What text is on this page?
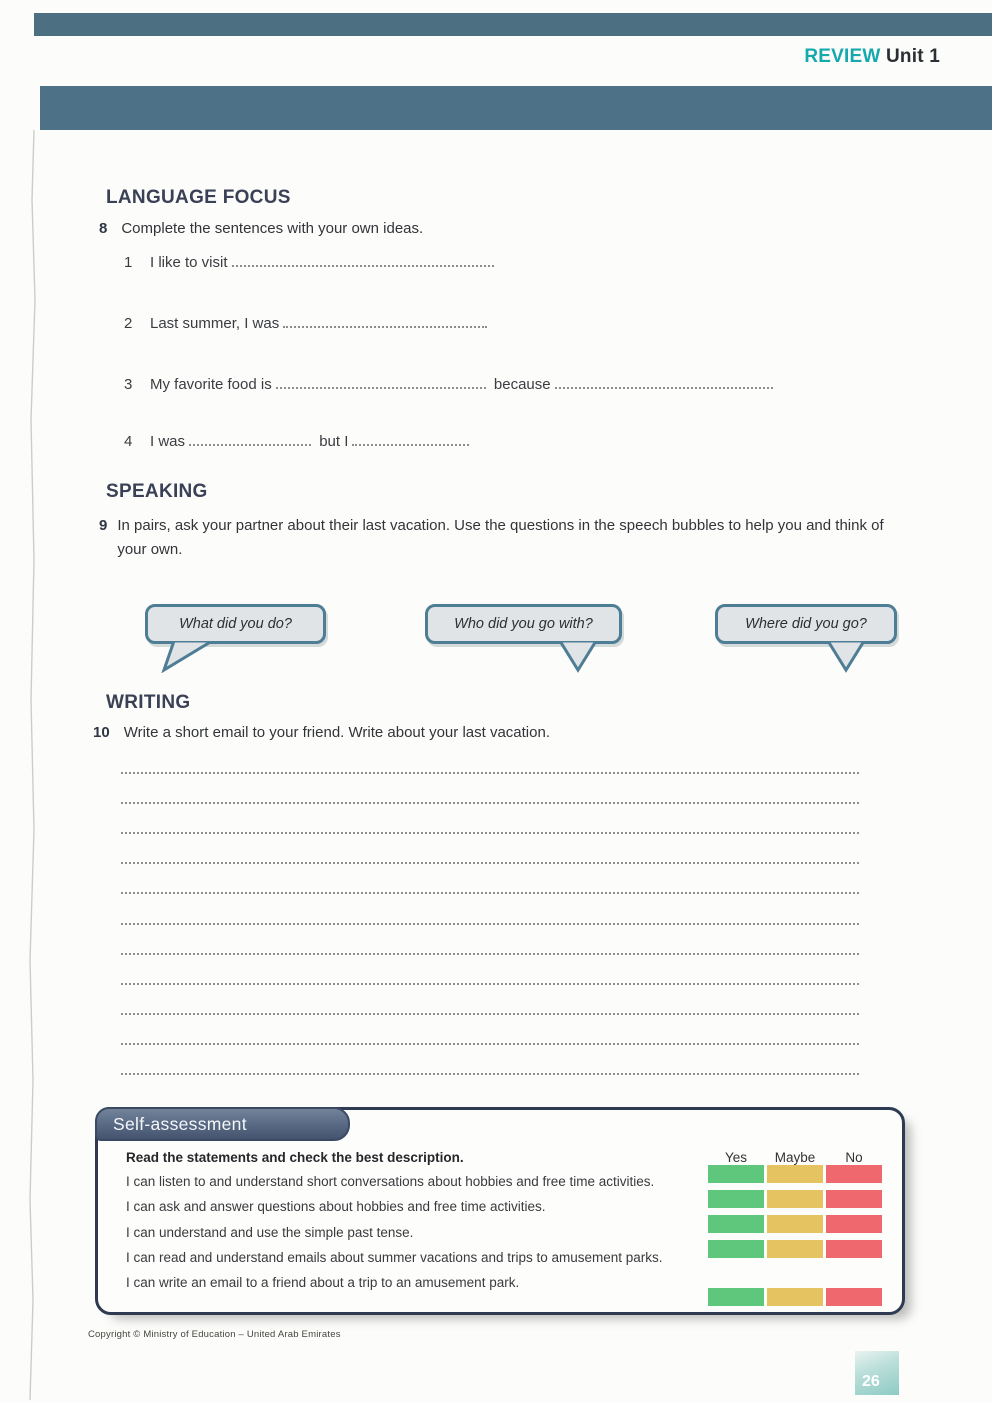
REVIEW Unit 1
LANGUAGE FOCUS
8 Complete the sentences with your own ideas.
1 I like to visit
2 Last summer, I was
3 My favorite food is	because
4 I was	but I
SPEAKING
9 In pairs, ask your partner about their last vacation. Use the questions in the speech bubbles to help you and think of your own.
What did you do?	Who did you go with?	Where did you go?
WRITING
10 Write a short email to your friend. Write about your last vacation.
Self-assessment
Read the statements and check the best description.
I can listen to and understand short conversations about hobbies and free time activities.
I can ask and answer questions about hobbies and free time activities.
I can understand and use the simple past tense.
I can read and understand emails about summer vacations and trips to amusement parks.
I can write an email to a friend about a trip to an amusement park.
Yes	Maybe	No
Copyright © Ministry of Education – United Arab Emirates
26
